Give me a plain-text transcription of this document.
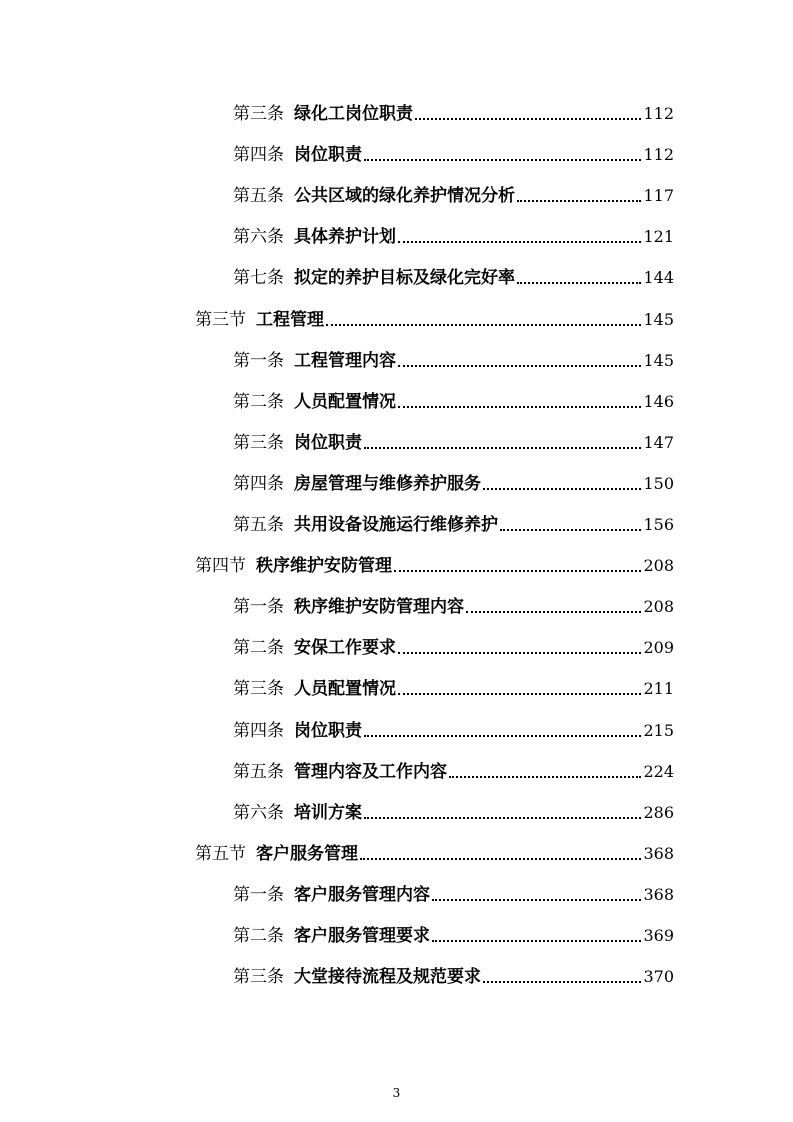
第三条 绿化工岗位职责	112
第四条 岗位职责	112
第五条 公共区域的绿化养护情况分析	117
第六条 具体养护计划	121
第七条 拟定的养护目标及绿化完好率	144
第三节 工程管理	145
第一条 工程管理内容	145
第二条 人员配置情况	146
第三条 岗位职责	147
第四条 房屋管理与维修养护服务	150
第五条 共用设备设施运行维修养护	156
第四节 秩序维护安防管理	208
第一条 秩序维护安防管理内容	208
第二条 安保工作要求	209
第三条 人员配置情况	211
第四条 岗位职责	215
第五条 管理内容及工作内容	224
第六条 培训方案	286
第五节 客户服务管理	368
第一条 客户服务管理内容	368
第二条 客户服务管理要求	369
第三条 大堂接待流程及规范要求	370
3
